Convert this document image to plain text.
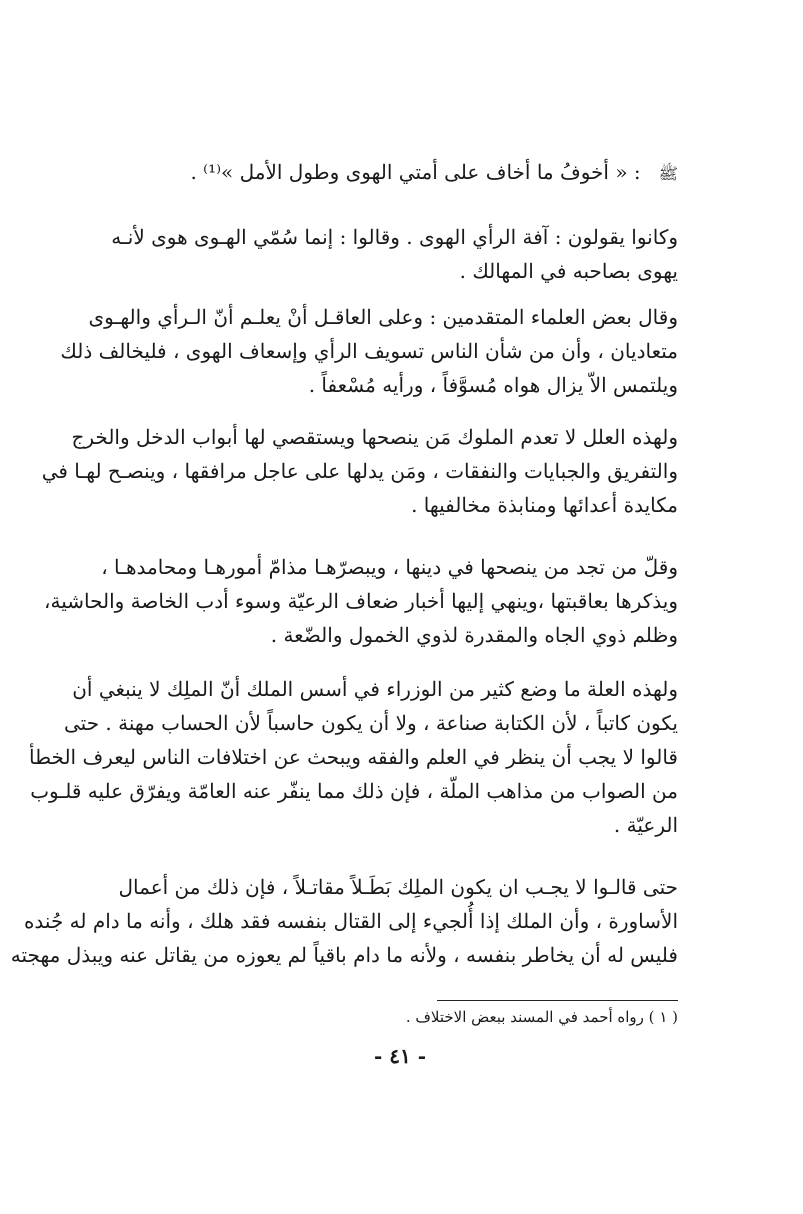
ﷺ: « أخوفُ ما أخاف على أمتي الهوى وطول الأمل »⁽¹⁾ .
وكانوا يقولون : آفة الرأي الهوى . وقالوا : إنما سُمّي الهـوى هوى لأنـه
يهوى بصاحبه في المهالك .
وقال بعض العلماء المتقدمين : وعلى العاقـل أنْ يعلـم أنّ الـرأي والهـوى
متعاديان ، وأن من شأن الناس تسويف الرأي وإسعاف الهوى ، فليخالف ذلك
ويلتمس الاّ يزال هواه مُسوَّفاً ، ورأيه مُسْعفاً .
ولهذه العلل لا تعدم الملوك مَن ينصحها ويستقصي لها أبواب الدخل والخرج
والتفريق والجبايات والنفقات ، ومَن يدلها على عاجل مرافقها ، وينصـح لهـا في
مكايدة أعدائها ومنابذة مخالفيها .
وقلّ من تجد من ينصحها في دينها ، ويبصرّهـا مذامّ أمورهـا ومحامدهـا ،
ويذكرها بعاقبتها ،وينهي إليها أخبار ضعاف الرعيّة وسوء أدب الخاصة والحاشية،
وظلم ذوي الجاه والمقدرة لذوي الخمول والضّعة .
ولهذه العلة ما وضع كثير من الوزراء في أسس الملك أنّ الملِك لا ينبغي أن
يكون كاتباً ، لأن الكتابة صناعة ، ولا أن يكون حاسباً لأن الحساب مهنة . حتى
قالوا لا يجب أن ينظر في العلم والفقه ويبحث عن اختلافات الناس ليعرف الخطأ
من الصواب من مذاهب الملّة ، فإن ذلك مما ينفّر عنه العامّة ويفرّق عليه قلـوب
الرعيّة .
حتى قالـوا لا يجـب ان يكون الملِك بَطَـلاً مقاتـلاً ، فإن ذلك من أعمال
الأساورة ، وأن الملك إذا أُلجيء إلى القتال بنفسه فقد هلك ، وأنه ما دام له جُنده
فليس له أن يخاطر بنفسه ، ولأنه ما دام باقياً لم يعوزه من يقاتل عنه ويبذل مهجته
( ١ ) رواه أحمد في المسند ببعض الاختلاف .
- ٤١ -
